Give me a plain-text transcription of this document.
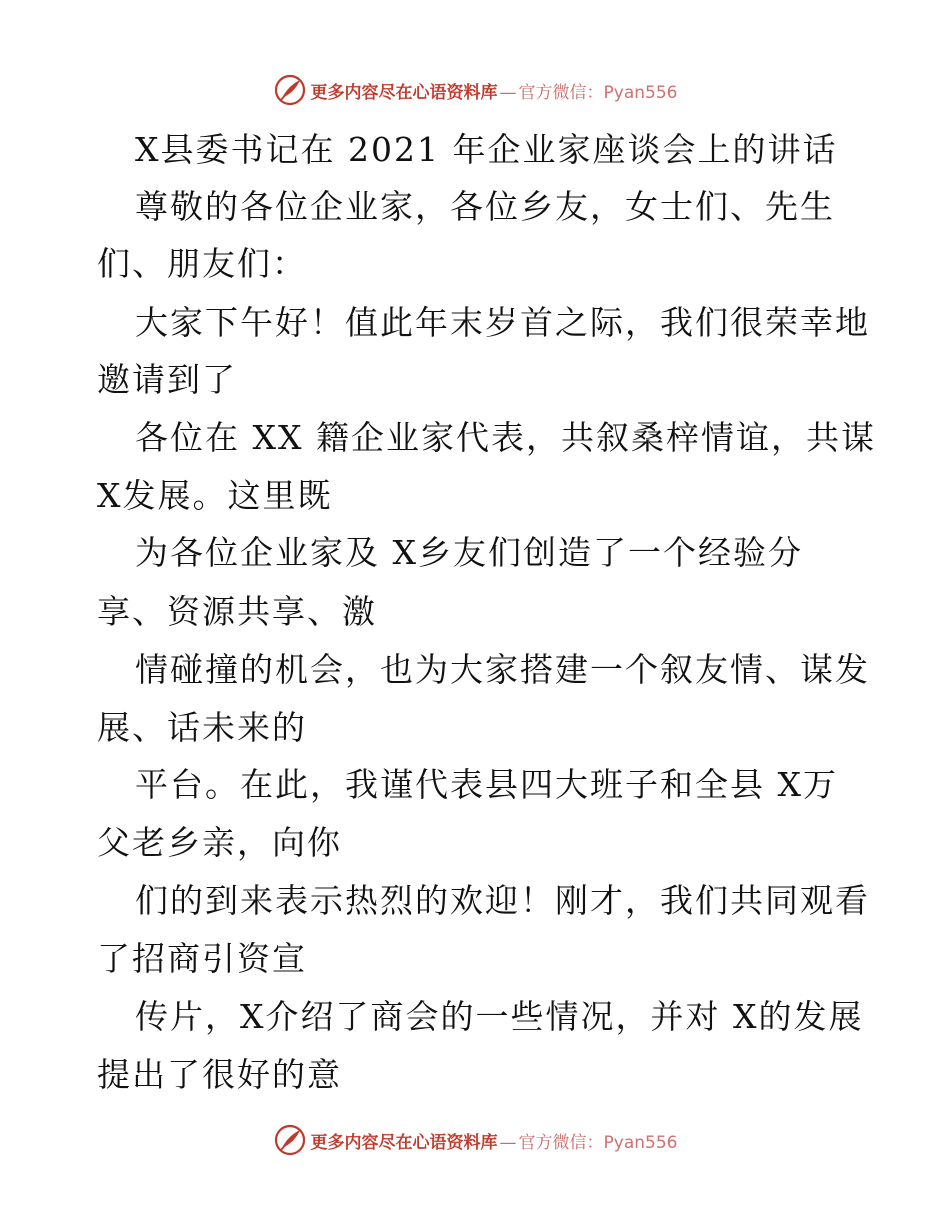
更多内容尽在心语资料库 — 官方微信：Pyan556
X县委书记在 2021 年企业家座谈会上的讲话
尊敬的各位企业家，各位乡友，女士们、先生
们、朋友们：
大家下午好！值此年末岁首之际，我们很荣幸地
邀请到了
各位在 XX 籍企业家代表，共叙桑梓情谊，共谋
X发展。这里既
为各位企业家及 X乡友们创造了一个经验分
享、资源共享、激
情碰撞的机会，也为大家搭建一个叙友情、谋发
展、话未来的
平台。在此，我谨代表县四大班子和全县 X万
父老乡亲，向你
们的到来表示热烈的欢迎！刚才，我们共同观看
了招商引资宣
传片，X介绍了商会的一些情况，并对 X的发展
提出了很好的意
更多内容尽在心语资料库 — 官方微信：Pyan556
